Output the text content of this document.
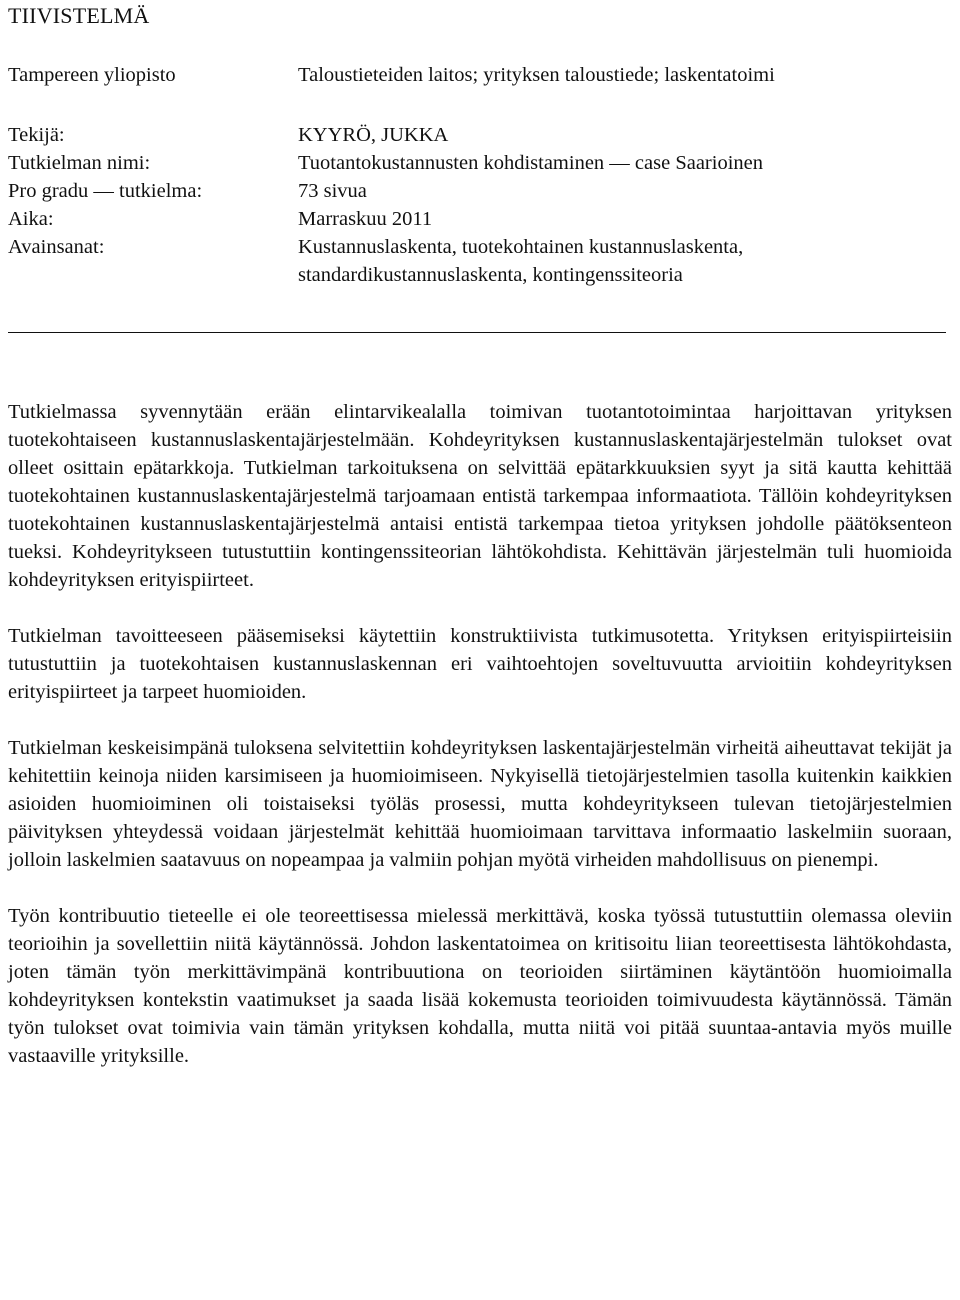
TIIVISTELMÄ
Tampereen yliopisto	Taloustieteiden laitos; yrityksen taloustiede; laskentatoimi
Tekijä:	KYYRÖ, JUKKA
Tutkielman nimi:	Tuotantokustannusten kohdistaminen ― case Saarioinen
Pro gradu ― tutkielma:	73 sivua
Aika:	Marraskuu 2011
Avainsanat:	Kustannuslaskenta, tuotekohtainen kustannuslaskenta, standardikustannuslaskenta, kontingenssiteoria

Tutkielmassa syvennytään erään elintarvikealalla toimivan tuotantotoimintaa harjoittavan yrityksen tuotekohtaiseen kustannuslaskentajärjestelmään. Kohdeyrityksen kustannuslaskentajärjestelmän tulokset ovat olleet osittain epätarkkoja. Tutkielman tarkoituksena on selvittää epätarkkuuksien syyt ja sitä kautta kehittää tuotekohtainen kustannuslaskentajärjestelmä tarjoamaan entistä tarkempaa informaatiota. Tällöin kohdeyrityksen tuotekohtainen kustannuslaskentajärjestelmä antaisi entistä tarkempaa tietoa yrityksen johdolle päätöksenteon tueksi. Kohdeyritykseen tutustuttiin kontingenssiteorian lähtökohdista. Kehittävän järjestelmän tuli huomioida kohdeyrityksen erityispiirteet.

Tutkielman tavoitteeseen pääsemiseksi käytettiin konstruktiivista tutkimusotetta. Yrityksen erityispiirteisiin tutustuttiin ja tuotekohtaisen kustannuslaskennan eri vaihtoehtojen soveltuvuutta arvioitiin kohdeyrityksen erityispiirteet ja tarpeet huomioiden.

Tutkielman keskeisimpänä tuloksena selvitettiin kohdeyrityksen laskentajärjestelmän virheitä aiheuttavat tekijät ja kehitettiin keinoja niiden karsimiseen ja huomioimiseen. Nykyisellä tietojärjestelmien tasolla kuitenkin kaikkien asioiden huomioiminen oli toistaiseksi työläs prosessi, mutta kohdeyritykseen tulevan tietojärjestelmien päivityksen yhteydessä voidaan järjestelmät kehittää huomioimaan tarvittava informaatio laskelmiin suoraan, jolloin laskelmien saatavuus on nopeampaa ja valmiin pohjan myötä virheiden mahdollisuus on pienempi.

Työn kontribuutio tieteelle ei ole teoreettisessa mielessä merkittävä, koska työssä tutustuttiin olemassa oleviin teorioihin ja sovellettiin niitä käytännössä. Johdon laskentatoimea on kritisoitu liian teoreettisesta lähtökohdasta, joten tämän työn merkittävimpänä kontribuutiona on teorioiden siirtäminen käytäntöön huomioimalla kohdeyrityksen kontekstin vaatimukset ja saada lisää kokemusta teorioiden toimivuudesta käytännössä. Tämän työn tulokset ovat toimivia vain tämän yrityksen kohdalla, mutta niitä voi pitää suuntaa-antavia myös muille vastaaville yrityksille.
